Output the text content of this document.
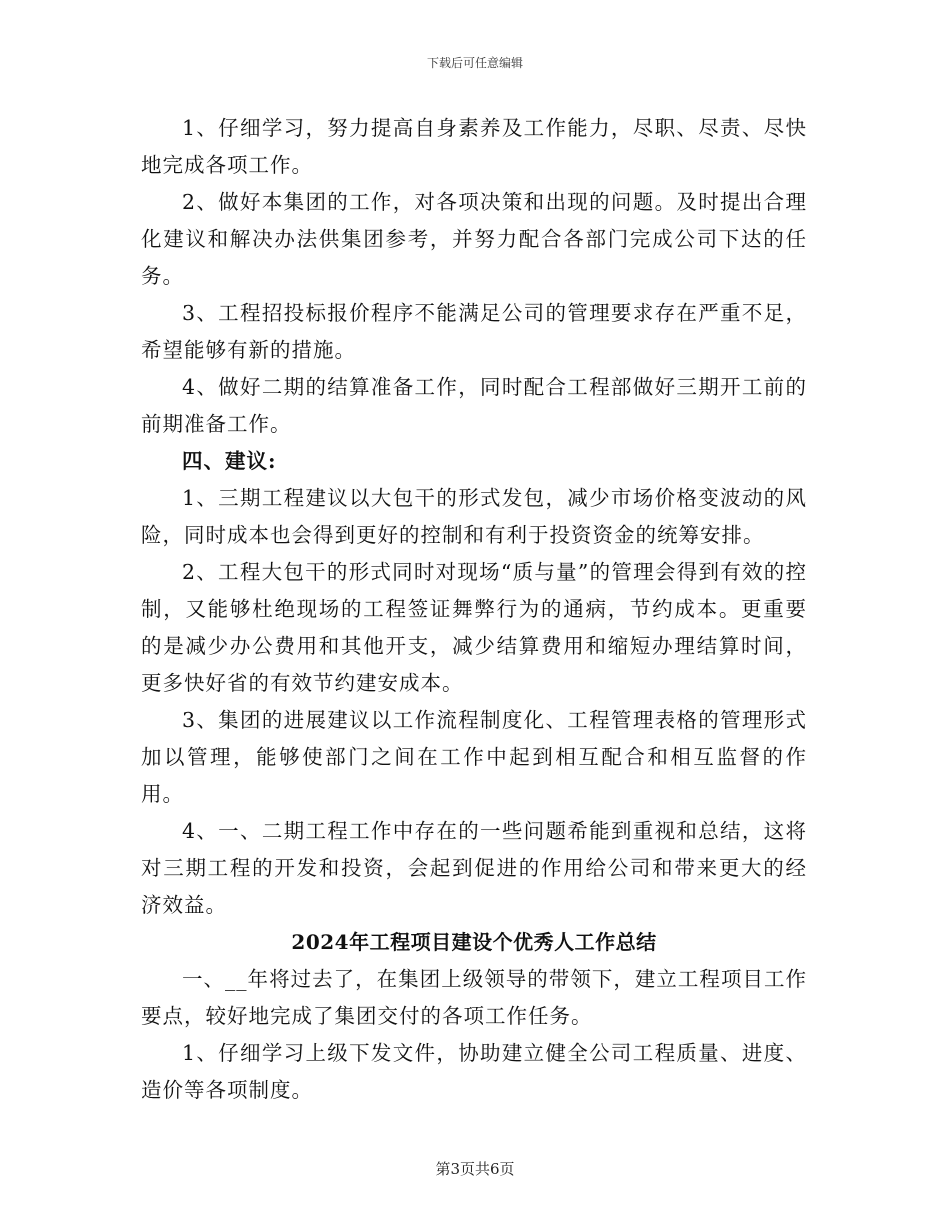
下载后可任意编辑

1、仔细学习，努力提高自身素养及工作能力，尽职、尽责、尽快地完成各项工作。

2、做好本集团的工作，对各项决策和出现的问题。及时提出合理化建议和解决办法供集团参考，并努力配合各部门完成公司下达的任务。

3、工程招投标报价程序不能满足公司的管理要求存在严重不足，希望能够有新的措施。

4、做好二期的结算准备工作，同时配合工程部做好三期开工前的前期准备工作。

四、建议:

1、三期工程建议以大包干的形式发包，减少市场价格变波动的风险，同时成本也会得到更好的控制和有利于投资资金的统筹安排。

2、工程大包干的形式同时对现场“质与量”的管理会得到有效的控制，又能够杜绝现场的工程签证舞弊行为的通病，节约成本。更重要的是减少办公费用和其他开支，减少结算费用和缩短办理结算时间，更多快好省的有效节约建安成本。

3、集团的进展建议以工作流程制度化、工程管理表格的管理形式加以管理，能够使部门之间在工作中起到相互配合和相互监督的作用。

4、一、二期工程工作中存在的一些问题希能到重视和总结，这将对三期工程的开发和投资，会起到促进的作用给公司和带来更大的经济效益。

2024年工程项目建设个优秀人工作总结

一、__年将过去了，在集团上级领导的带领下，建立工程项目工作要点，较好地完成了集团交付的各项工作任务。

1、仔细学习上级下发文件，协助建立健全公司工程质量、进度、造价等各项制度。

第3页共6页
